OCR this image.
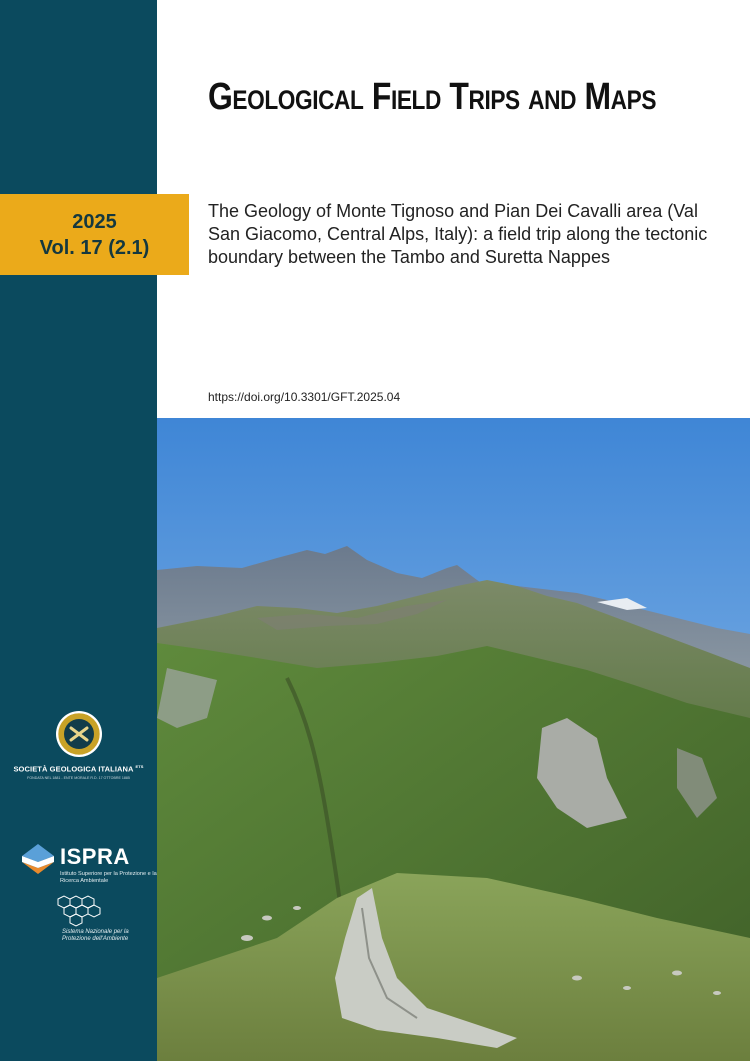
2025
Vol. 17 (2.1)
Geological Field Trips and Maps
The Geology of Monte Tignoso and Pian Dei Cavalli area (Val San Giacomo, Central Alps, Italy): a field trip along the tectonic boundary between the Tambo and Suretta Nappes
https://doi.org/10.3301/GFT.2025.04
SOCIETÀ GEOLOGICA ITALIANA $^{ETS}$
FONDATA NEL 1881 - ENTE MORALE R.D. 17 OTTOBRE 1885
ISPRA
Istituto Superiore per la Protezione e la Ricerca Ambientale
Sistema Nazionale per la Protezione dell'Ambiente
